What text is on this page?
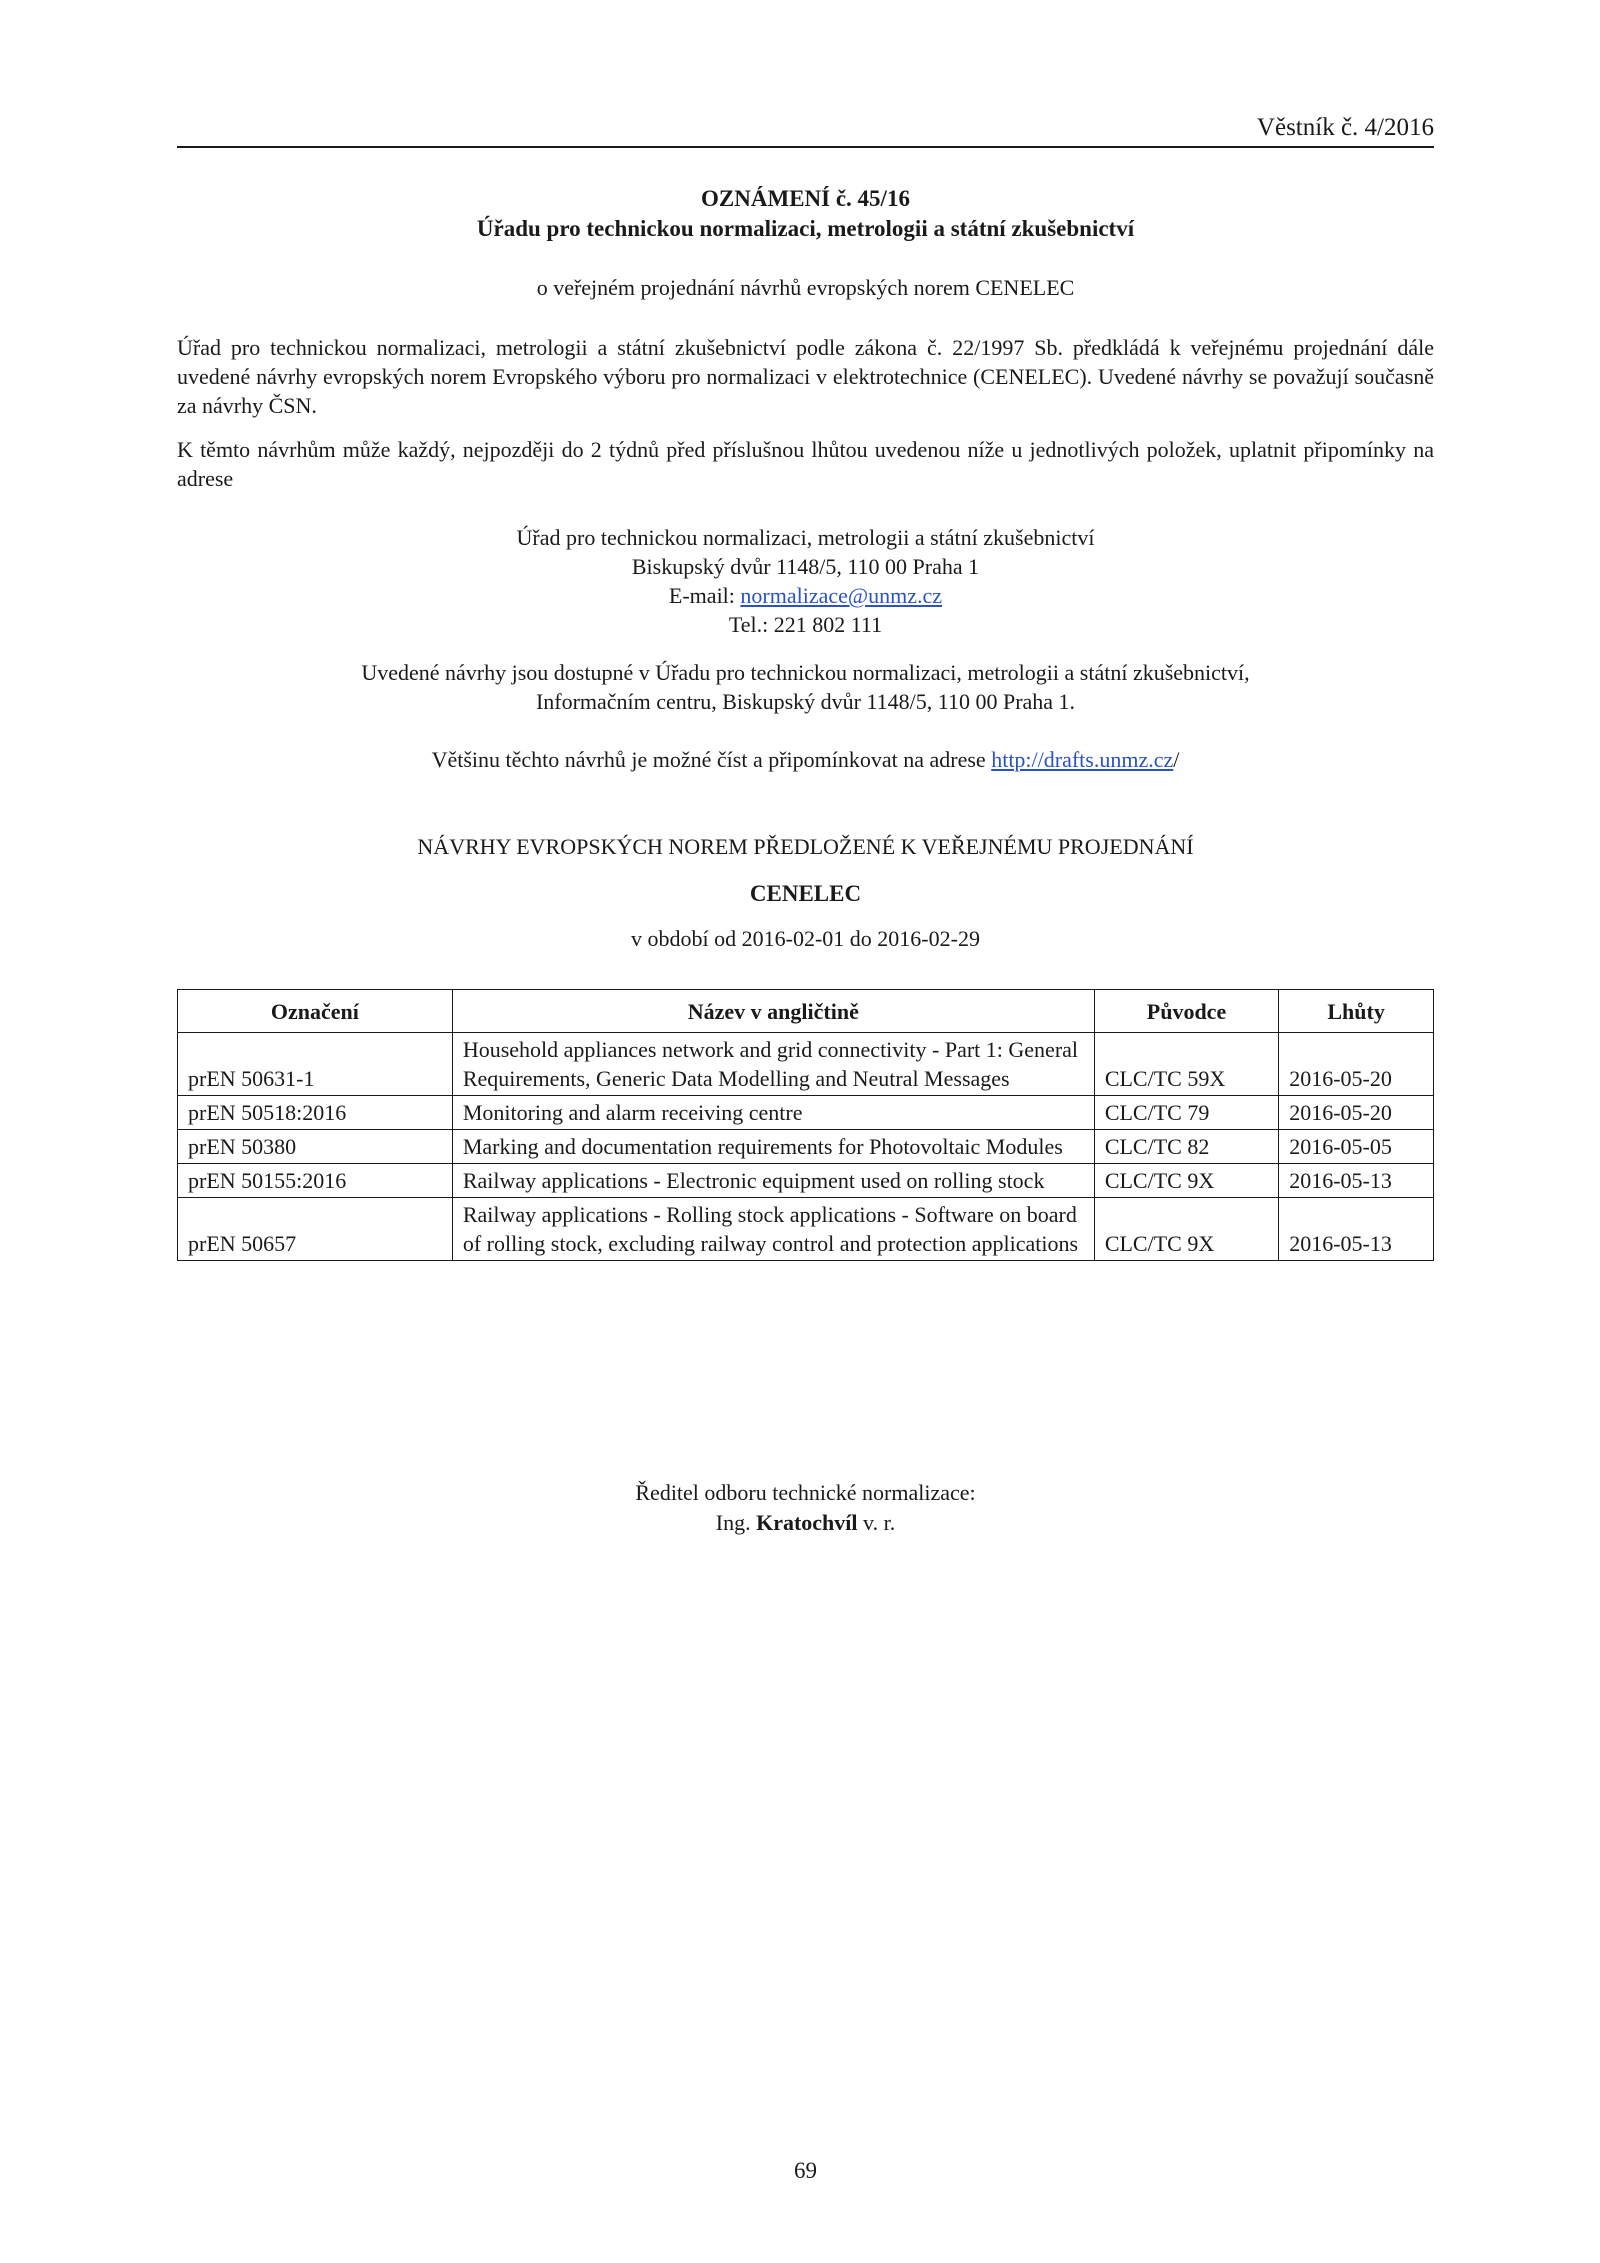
Věstník č. 4/2016
OZNÁMENÍ č. 45/16
Úřadu pro technickou normalizaci, metrologii a státní zkušebnictví
o veřejném projednání návrhů evropských norem CENELEC
Úřad pro technickou normalizaci, metrologii a státní zkušebnictví podle zákona č. 22/1997 Sb. předkládá k veřejnému projednání dále uvedené návrhy evropských norem Evropského výboru pro normalizaci v elektrotechnice (CENELEC). Uvedené návrhy se považují současně za návrhy ČSN.
K těmto návrhům může každý, nejpozději do 2 týdnů před příslušnou lhůtou uvedenou níže u jednotlivých položek, uplatnit připomínky na adrese
Úřad pro technickou normalizaci, metrologii a státní zkušebnictví
Biskupský dvůr 1148/5, 110 00 Praha 1
E-mail: normalizace@unmz.cz
Tel.: 221 802 111
Uvedené návrhy jsou dostupné v Úřadu pro technickou normalizaci, metrologii a státní zkušebnictví,
Informačním centru, Biskupský dvůr 1148/5, 110 00 Praha 1.
Většinu těchto návrhů je možné číst a připomínkovat na adrese http://drafts.unmz.cz/
NÁVRHY EVROPSKÝCH NOREM PŘEDLOŽENÉ K VEŘEJNÉMU PROJEDNÁNÍ
CENELEC
v období od 2016-02-01 do 2016-02-29
Označení	Název v angličtině	Původce	Lhůty
prEN 50631-1	Household appliances network and grid connectivity - Part 1: General Requirements, Generic Data Modelling and Neutral Messages	CLC/TC 59X	2016-05-20
prEN 50518:2016	Monitoring and alarm receiving centre	CLC/TC 79	2016-05-20
prEN 50380	Marking and documentation requirements for Photovoltaic Modules	CLC/TC 82	2016-05-05
prEN 50155:2016	Railway applications - Electronic equipment used on rolling stock	CLC/TC 9X	2016-05-13
prEN 50657	Railway applications - Rolling stock applications - Software on board of rolling stock, excluding railway control and protection applications	CLC/TC 9X	2016-05-13
Ředitel odboru technické normalizace:
Ing. Kratochvíl v. r.
69
